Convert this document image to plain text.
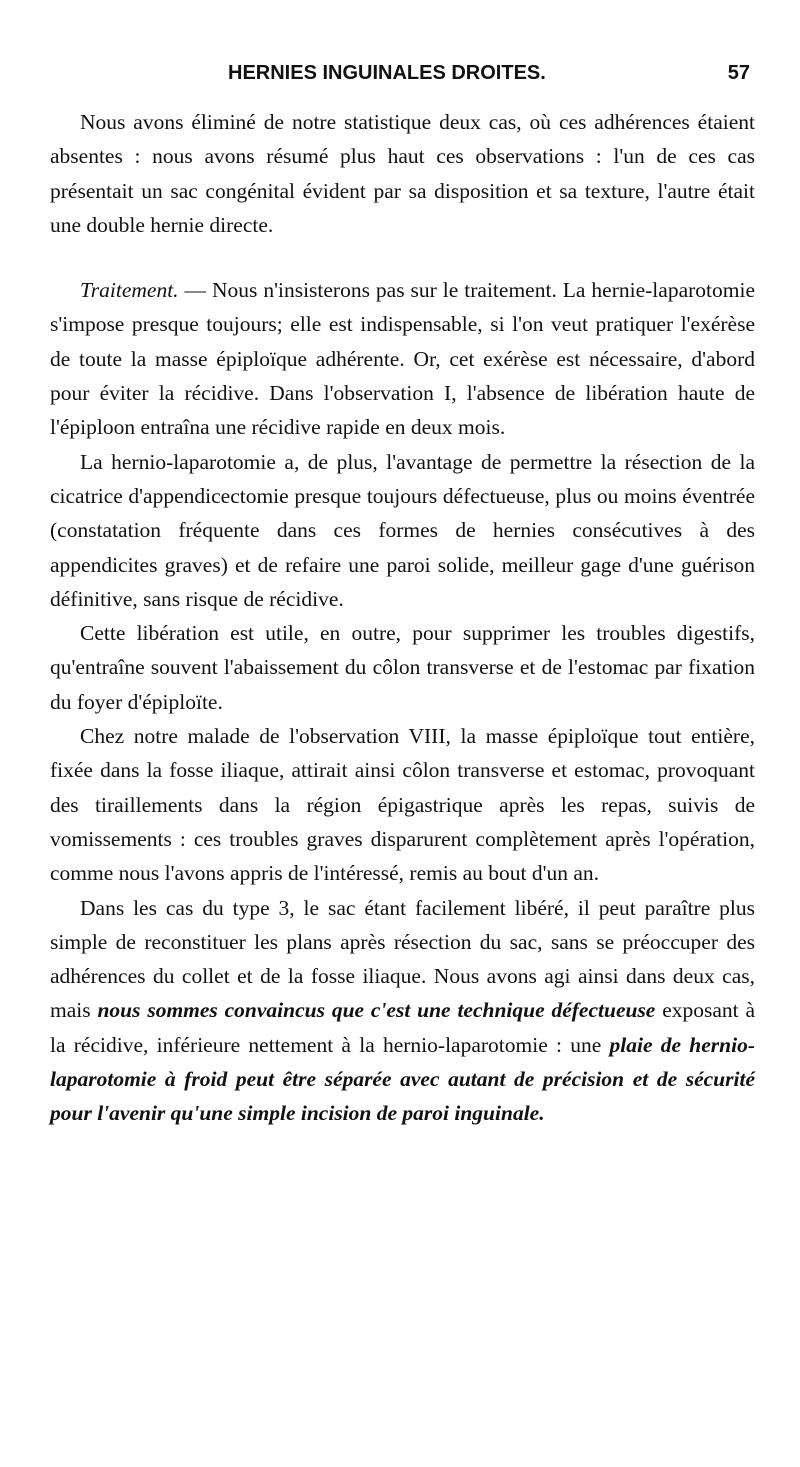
HERNIES INGUINALES DROITES.	57

Nous avons éliminé de notre statistique deux cas, où ces adhérences étaient absentes : nous avons résumé plus haut ces observations : l'un de ces cas présentait un sac congénital évident par sa disposition et sa texture, l'autre était une double hernie directe.

Traitement. — Nous n'insisterons pas sur le traitement. La hernie-laparotomie s'impose presque toujours; elle est indispensable, si l'on veut pratiquer l'exérèse de toute la masse épiploïque adhérente. Or, cet exérèse est nécessaire, d'abord pour éviter la récidive. Dans l'observation I, l'absence de libération haute de l'épiploon entraîna une récidive rapide en deux mois.

La hernio-laparotomie a, de plus, l'avantage de permettre la résection de la cicatrice d'appendicectomie presque toujours défectueuse, plus ou moins éventrée (constatation fréquente dans ces formes de hernies consécutives à des appendicites graves) et de refaire une paroi solide, meilleur gage d'une guérison définitive, sans risque de récidive.

Cette libération est utile, en outre, pour supprimer les troubles digestifs, qu'entraîne souvent l'abaissement du côlon transverse et de l'estomac par fixation du foyer d'épiploïte.

Chez notre malade de l'observation VIII, la masse épiploïque tout entière, fixée dans la fosse iliaque, attirait ainsi côlon transverse et estomac, provoquant des tiraillements dans la région épigastrique après les repas, suivis de vomissements : ces troubles graves disparurent complètement après l'opération, comme nous l'avons appris de l'intéressé, remis au bout d'un an.

Dans les cas du type 3, le sac étant facilement libéré, il peut paraître plus simple de reconstituer les plans après résection du sac, sans se préoccuper des adhérences du collet et de la fosse iliaque. Nous avons agi ainsi dans deux cas, mais nous sommes convaincus que c'est une technique défectueuse exposant à la récidive, inférieure nettement à la hernio-laparotomie : une plaie de hernio-laparotomie à froid peut être séparée avec autant de précision et de sécurité pour l'avenir qu'une simple incision de paroi inguinale.
